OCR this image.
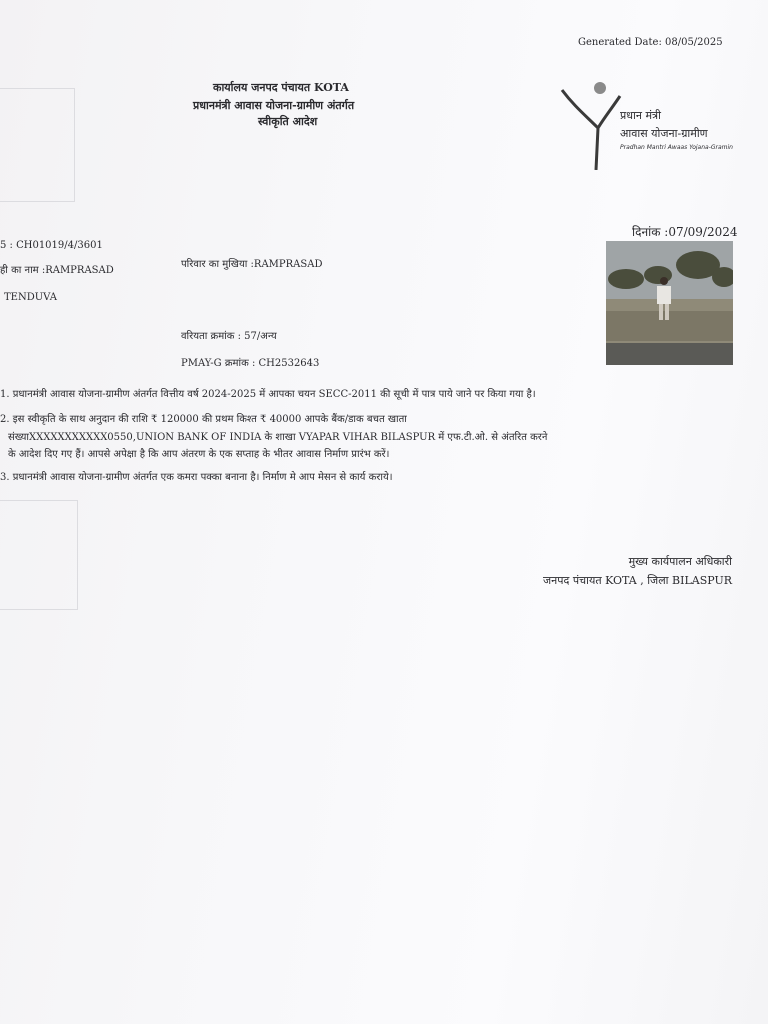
Generated Date: 08/05/2025
कार्यालय जनपद पंचायत KOTA
प्रधानमंत्री आवास योजना-ग्रामीण अंतर्गत
स्वीकृति आदेश	प्रधान मंत्री
आवास योजना-ग्रामीण
Pradhan Mantri Awaas Yojana-Gramin
दिनांक :07/09/2024
5 : CH01019/4/3601
ही का नाम :RAMPRASAD
TENDUVA
परिवार का मुखिया :RAMPRASAD
वरियता क्रमांक : 57/अन्य
PMAY-G क्रमांक : CH2532643
1. प्रधानमंत्री आवास योजना-ग्रामीण अंतर्गत वित्तीय वर्ष 2024-2025 में आपका चयन SECC-2011 की सूची में पात्र पाये जाने पर किया गया है।
2. इस स्वीकृति के साथ अनुदान की राशि ₹ 120000 की प्रथम किश्त ₹ 40000 आपके बैंक/डाक बचत खाता
संख्याXXXXXXXXXXX0550,UNION BANK OF INDIA के शाखा VYAPAR VIHAR BILASPUR में एफ.टी.ओ. से अंतरित करने
के आदेश दिए गए हैं। आपसे अपेक्षा है कि आप अंतरण के एक सप्ताह के भीतर आवास निर्माण प्रारंभ करें।
3. प्रधानमंत्री आवास योजना-ग्रामीण अंतर्गत एक कमरा पक्का बनाना है। निर्माण मे आप मेसन से कार्य कराये।
मुख्य कार्यपालन अधिकारी
जनपद पंचायत KOTA , जिला BILASPUR
